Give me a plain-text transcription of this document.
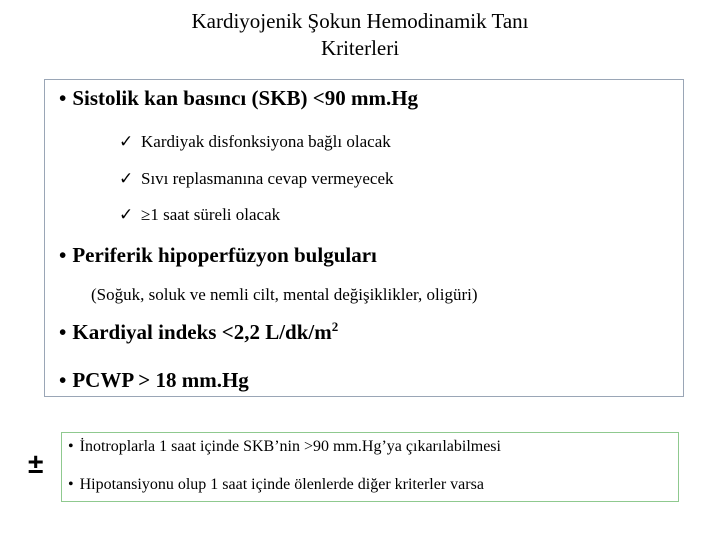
Kardiyojenik Şokun Hemodinamik Tanı
Kriterleri
• Sistolik kan basıncı (SKB) <90 mm.Hg
✓ Kardiyak disfonksiyona bağlı olacak
✓ Sıvı replasmanına cevap vermeyecek
✓ ≥1 saat süreli olacak
• Periferik hipoperfüzyon bulguları
(Soğuk, soluk ve nemli cilt, mental değişiklikler, oligüri)
• Kardiyal indeks <2,2 $L/dk/m^2$
• PCWP > 18 mm.Hg
±
• İnotroplarla 1 saat içinde SKB’nin >90 mm.Hg’ya çıkarılabilmesi
• Hipotansiyonu olup 1 saat içinde ölenlerde diğer kriterler varsa
